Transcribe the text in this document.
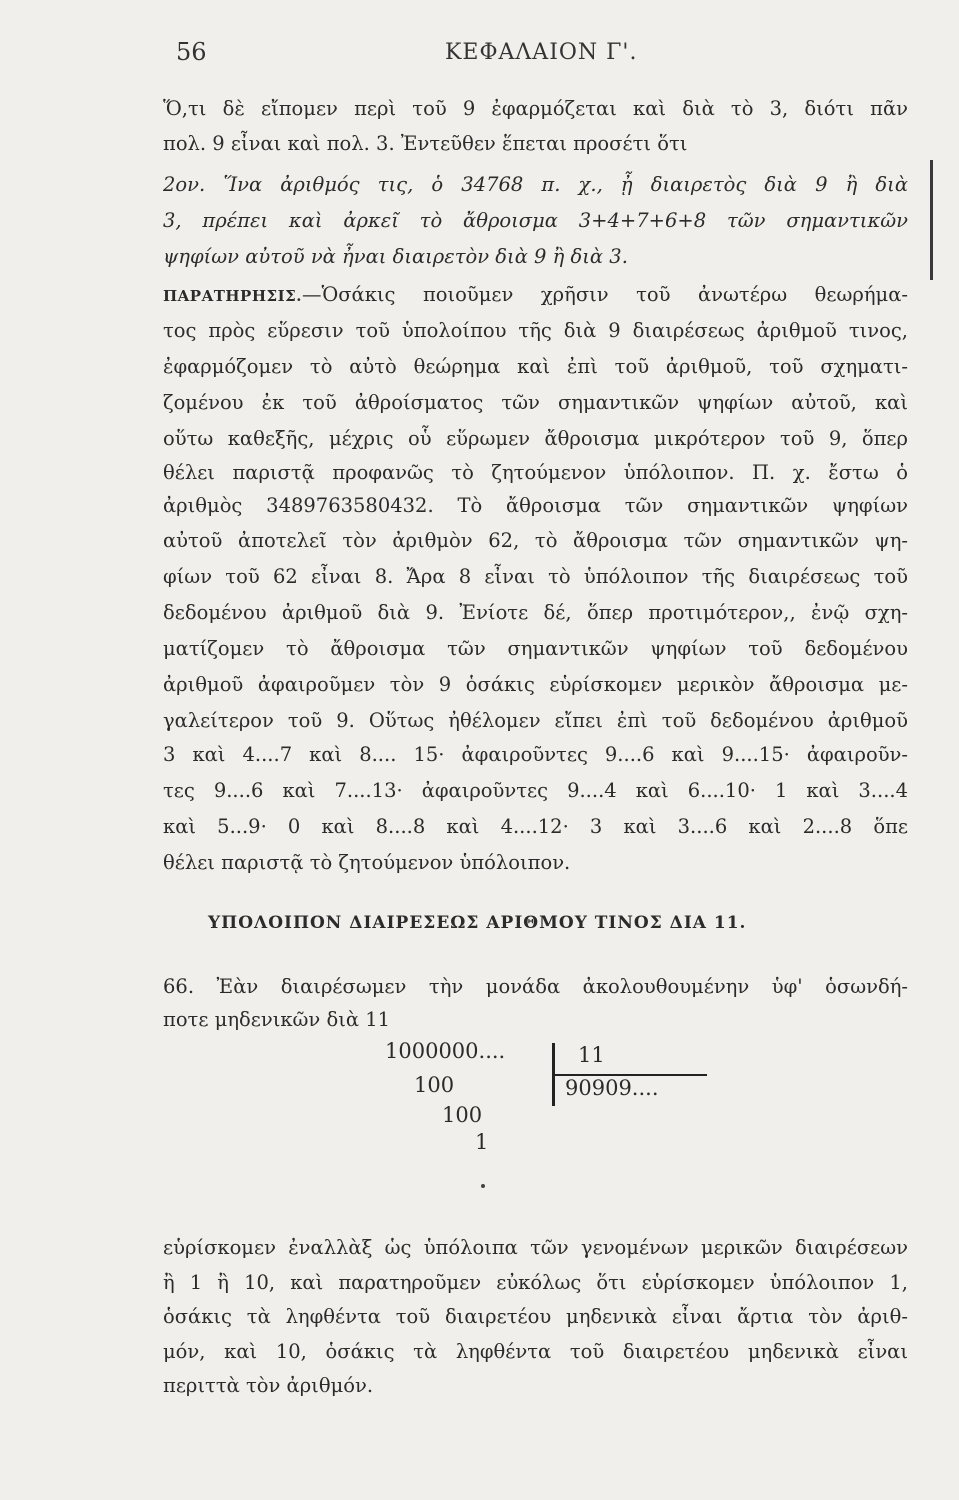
56	ΚΕΦΑΛΑΙΟΝ Γ'.
Ὅ,τι δὲ εἴπομεν περὶ τοῦ 9 ἐφαρμόζεται καὶ διὰ τὸ 3, διότι πᾶν
πολ. 9 εἶναι καὶ πολ. 3. Ἐντεῦθεν ἕπεται προσέτι ὅτι
2ον. Ἵνα ἀριθμός τις, ὁ 34768 π. χ., ᾖ διαιρετὸς διὰ 9 ἢ διὰ
3, πρέπει καὶ ἀρκεῖ τὸ ἄθροισμα 3+4+7+6+8 τῶν σημαντικῶν
ψηφίων αὐτοῦ νὰ ἦναι διαιρετὸν διὰ 9 ἢ διὰ 3.
ΠΑΡΑΤΗΡΗΣΙΣ.—Ὁσάκις ποιοῦμεν χρῆσιν τοῦ ἀνωτέρω θεωρήμα-
τος πρὸς εὕρεσιν τοῦ ὑπολοίπου τῆς διὰ 9 διαιρέσεως ἀριθμοῦ τινος,
ἐφαρμόζομεν τὸ αὐτὸ θεώρημα καὶ ἐπὶ τοῦ ἀριθμοῦ, τοῦ σχηματι-
ζομένου ἐκ τοῦ ἀθροίσματος τῶν σημαντικῶν ψηφίων αὐτοῦ, καὶ
οὕτω καθεξῆς, μέχρις οὗ εὕρωμεν ἄθροισμα μικρότερον τοῦ 9, ὅπερ
θέλει παριστᾷ προφανῶς τὸ ζητούμενον ὑπόλοιπον. Π. χ. ἔστω ὁ
ἀριθμὸς 3489763580432. Τὸ ἄθροισμα τῶν σημαντικῶν ψηφίων
αὐτοῦ ἀποτελεῖ τὸν ἀριθμὸν 62, τὸ ἄθροισμα τῶν σημαντικῶν ψη-
φίων τοῦ 62 εἶναι 8. Ἄρα 8 εἶναι τὸ ὑπόλοιπον τῆς διαιρέσεως τοῦ
δεδομένου ἀριθμοῦ διὰ 9. Ἐνίοτε δέ, ὅπερ προτιμότερον,, ἐνῷ σχη-
ματίζομεν τὸ ἄθροισμα τῶν σημαντικῶν ψηφίων τοῦ δεδομένου
ἀριθμοῦ ἀφαιροῦμεν τὸν 9 ὁσάκις εὑρίσκομεν μερικὸν ἄθροισμα με-
γαλείτερον τοῦ 9. Οὕτως ἠθέλομεν εἴπει ἐπὶ τοῦ δεδομένου ἀριθμοῦ
3 καὶ 4....7 καὶ 8.... 15· ἀφαιροῦντες 9....6 καὶ 9....15· ἀφαιροῦν-
τες 9....6 καὶ 7....13· ἀφαιροῦντες 9....4 καὶ 6....10· 1 καὶ 3....4
καὶ 5...9· 0 καὶ 8....8 καὶ 4....12· 3 καὶ 3....6 καὶ 2....8 ὅπε
θέλει παριστᾷ τὸ ζητούμενον ὑπόλοιπον.
ΥΠΟΛΟΙΠΟΝ ΔΙΑΙΡΕΣΕΩΣ ΑΡΙΘΜΟΥ ΤΙΝΟΣ ΔΙΑ 11.
66. Ἐὰν διαιρέσωμεν τὴν μονάδα ἀκολουθουμένην ὑφ' ὁσωνδή-
ποτε μηδενικῶν διὰ 11
1000000....	11
90909....
100
100
1
εὑρίσκομεν ἐναλλὰξ ὡς ὑπόλοιπα τῶν γενομένων μερικῶν διαιρέσεων
ἢ 1 ἢ 10, καὶ παρατηροῦμεν εὐκόλως ὅτι εὑρίσκομεν ὑπόλοιπον 1,
ὁσάκις τὰ ληφθέντα τοῦ διαιρετέου μηδενικὰ εἶναι ἄρτια τὸν ἀριθ-
μόν, καὶ 10, ὁσάκις τὰ ληφθέντα τοῦ διαιρετέου μηδενικὰ εἶναι
περιττὰ τὸν ἀριθμόν.
